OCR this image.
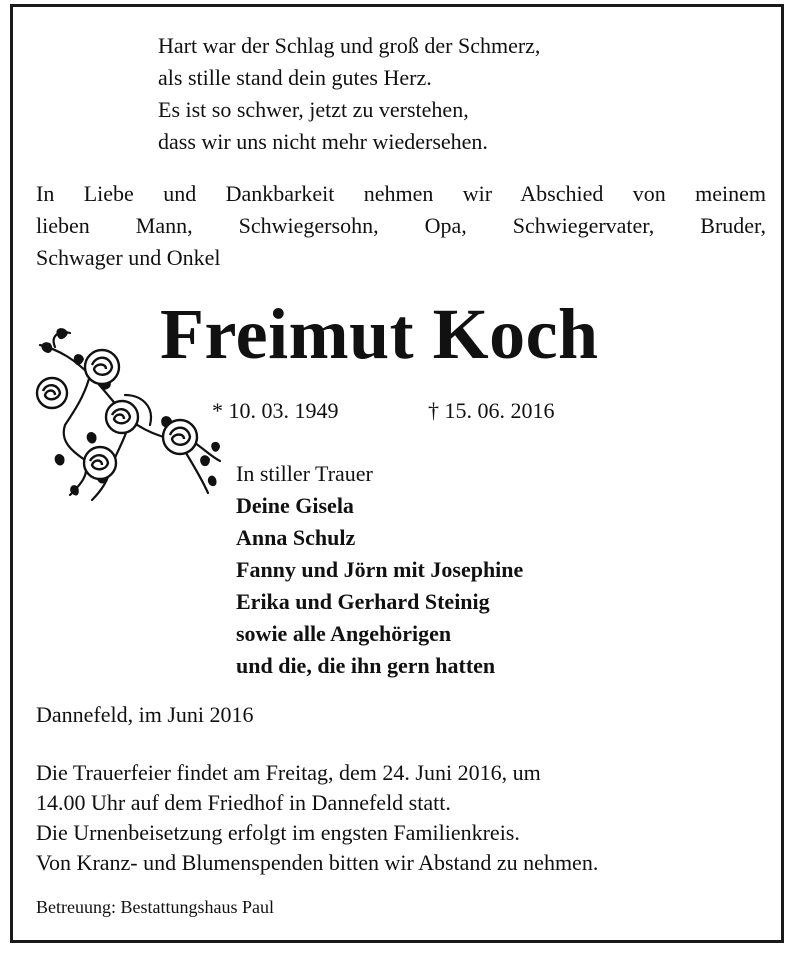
Hart war der Schlag und groß der Schmerz,
als stille stand dein gutes Herz.
Es ist so schwer, jetzt zu verstehen,
dass wir uns nicht mehr wiedersehen.
In Liebe und Dankbarkeit nehmen wir Abschied von meinem
lieben Mann, Schwiegersohn, Opa, Schwiegervater, Bruder,
Schwager und Onkel
Freimut Koch
* 10. 03. 1949	† 15. 06. 2016
In stiller Trauer
Deine Gisela
Anna Schulz
Fanny und Jörn mit Josephine
Erika und Gerhard Steinig
sowie alle Angehörigen
und die, die ihn gern hatten
Dannefeld, im Juni 2016
Die Trauerfeier findet am Freitag, dem 24. Juni 2016, um
14.00 Uhr auf dem Friedhof in Dannefeld statt.
Die Urnenbeisetzung erfolgt im engsten Familienkreis.
Von Kranz- und Blumenspenden bitten wir Abstand zu nehmen.
Betreuung: Bestattungshaus Paul
